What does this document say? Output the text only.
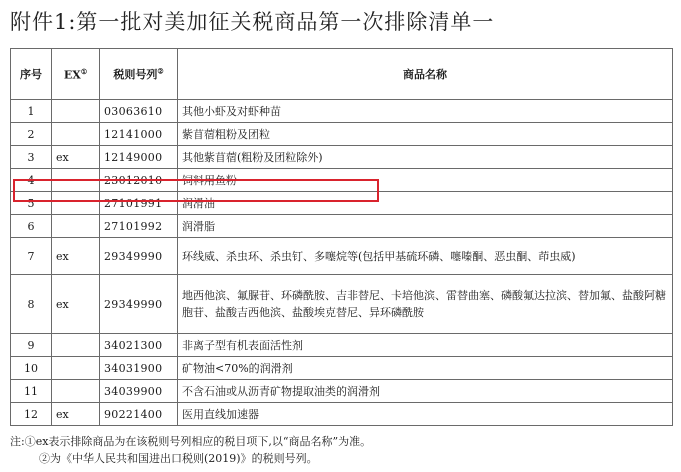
附件1:第一批对美加征关税商品第一次排除清单一
序号	EX①	税则号列②	商品名称
1		03063610	其他小虾及对虾种苗
2		12141000	紫苜蓿粗粉及团粒
3	ex	12149000	其他紫苜蓿(粗粉及团粒除外)
4		23012010	饲料用鱼粉
5		27101991	润滑油
6		27101992	润滑脂
7	ex	29349990	环线威、杀虫环、杀虫钉、多噻烷等(包括甲基硫环磷、噻嗪酮、恶虫酮、茚虫威)
8	ex	29349990	地西他滨、氟脲苷、环磷酰胺、吉非替尼、卡培他滨、雷替曲塞、磷酸氟达拉滨、替加氟、盐酸阿糖胞苷、盐酸吉西他滨、盐酸埃克替尼、异环磷酰胺
9		34021300	非离子型有机表面活性剂
10		34031900	矿物油<70%的润滑剂
11		34039900	不含石油或从沥青矿物提取油类的润滑剂
12	ex	90221400	医用直线加速器
注:①ex表示排除商品为在该税则号列相应的税目项下,以“商品名称”为准。
②为《中华人民共和国进出口税则(2019)》的税则号列。
